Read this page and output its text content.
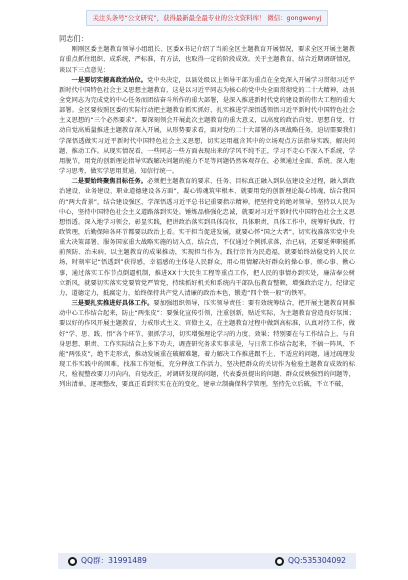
关注头条号“公文研究”，获得最新最全最专业的公文资料库！ 微信：gongwenyj

同志们：

刚刚区委主题教育领导小组组长、区委Ⅹ书记介绍了当前全区主题教育开展情况，要求全区开展主题教育重点抓住组织、成系统，严标准，有方法，也取得一定的阶段成效。关于主题教育，结合近期调研情况，谈以下三点意见：

一是要切实提高政治站位。党中央决定，以县处级以上领导干部为重点在全党深入开展学习贯彻习近平新时代中国特色社会主义思想主题教育，这是以习近平同志为核心的党中央全面贯彻党的二十大精神，动员全党同志为完成党的中心任务而团结奋斗所作的重大部署，是深入推进新时代党的建设新的伟大工程的重大部署。全区要按照区委的实际行动把主题教育抓实抓好，扎实推进学深悟透领悟习近平新时代中国特色社会主义思想的“三个必然要求”。要深刻领会开展此次主题教育的重大意义，以高度的政治自觉、思想自觉、行动自觉高质量推进主题教育深入开展，从形势要求看，面对党的二十大部署的各项战略任务，迫切需要我们学深悟透做实习近平新时代中国特色社会主义思想，切实运用蕴含其中的立场观点方法指导实践、解决问题、推动工作。从现实情况看，一些同志一些方面表现出来的学风不纯不正，学习不走心不深入不系统，学用脱节，用党的创新理论指导实践解决问题的能力不足等问题仍然客观存在，必须通过全面、系统、深入地学习思考，做实学思用贯通、知信行统一。

二是要始终聚焦目标任务。必须把主题教育的要求、任务、目标真正融入到队伍建设全过程，融入到政治建设、业务建设、职业道德建设各方面”，凝心铸魂筑牢根本、就要用党的创新理论凝心铸魂，结合我国的“两大背景”，结合建设强区，学深悟透习近平总书记重要指示精神，把坚持党的绝对领导，坚持以人民为中心，坚持中国特色社会主义道路落到实处。锤炼品格强化忠诚，就要对习近平新时代中国特色社会主义思想悟透、深入地学习领会，彰显实践，把讲政治落实到具体岗位，具体职责，具体工作中，统筹好执政、行政管理，后勤保障各环节都要以政治上看。实干担当促进发展，就要心怀“国之大者”，切实找准落实党中央重大决策部署、服务国家重大战略实施的切入点、结合点，不仅通过个例抓求落，治已病，还要延伸职能抓前预防、治未病，以主题教育的成果推动，实现担当作为。践行宗旨为民造福，就要始终站稳党的人民立场，时刻牢记“悟透到”获得感，幸福感的主体是人民群众，用心用情解决好群众的操心事、烦心事、揪心事，通过落实工作节点倒逼机制，推进ⅩⅩ十大民生工程等重点工作，把人民的事情办到实处，廉洁奉公树立新风，就要切实落实党要管党严管党，持续抓好机关和系统内干部队伍教育整顿，增强政治定力，纪律定力，道德定力，抵腐定力，始终保持共产党人清廉的政治本色，锻造“四个铁一般”的铁军。

三是要扎实推进好具体工作。要加强组织领导，压实领导责任：要有效统筹结合，把开展主题教育同推动中心工作结合起来，防止“两张皮”：要强化宣传引领，注重创新，贴近实际，为主题教育营造良好氛围；要以好的作风开展主题教育，力戒形式主义、官僚主义，在主题教育过程中做到高标准，认真对待工作，做好“学、思、践、悟”各个环节，狠抓学习，切实增强理论学习的力度、效果；特别要在与工作结合上，与自身思想、职责、工作实际结合上多下功夫，调查研究务求实事求是，与日常工作结合起来，不搞一阵风、不能“两张皮”，绝不走形式，推动发展重在破解难题，着力解决工作推进跟不上、不适应的问题，通过疏理发现工作实践中的困难，找准工作短板，充分释放工作活力，坚决把群众的关切作为检验主题教育成效的标尺，检视整改要刀刃向内，自觉改正，对调研发现的问题，代表委员提出的问题、群众反映强烈的问题等，列出清单，逐项整改，要真正看到实实在在的变化，建章立制确保科学管理，坚持先立后破，不立不破，

QQ群：31991489	QQ:535304092
